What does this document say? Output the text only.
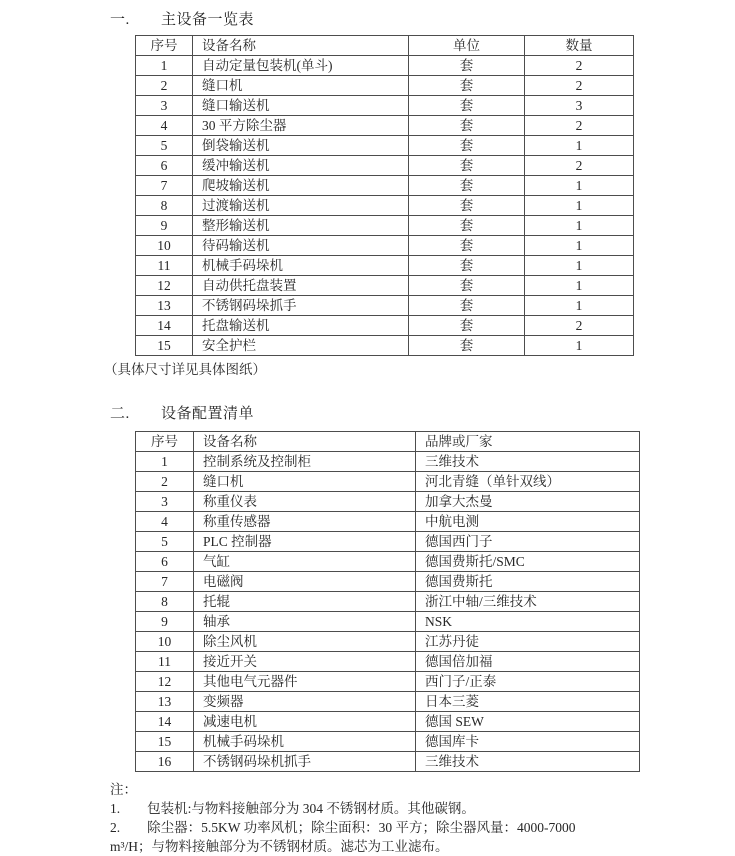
一. 主设备一览表
序号	设备名称	单位	数量
1	自动定量包装机(单斗)	套	2
2	缝口机	套	2
3	缝口输送机	套	3
4	30 平方除尘器	套	2
5	倒袋输送机	套	1
6	缓冲输送机	套	2
7	爬坡输送机	套	1
8	过渡输送机	套	1
9	整形输送机	套	1
10	待码输送机	套	1
11	机械手码垛机	套	1
12	自动供托盘装置	套	1
13	不锈钢码垛抓手	套	1
14	托盘输送机	套	2
15	安全护栏	套	1
（具体尺寸详见具体图纸）
二. 设备配置清单
序号	设备名称	品牌或厂家
1	控制系统及控制柜	三维技术
2	缝口机	河北青缝（单针双线）
3	称重仪表	加拿大杰曼
4	称重传感器	中航电测
5	PLC 控制器	德国西门子
6	气缸	德国费斯托/SMC
7	电磁阀	德国费斯托
8	托辊	浙江中轴/三维技术
9	轴承	NSK
10	除尘风机	江苏丹徒
11	接近开关	德国倍加福
12	其他电气元器件	西门子/正泰
13	变频器	日本三菱
14	减速电机	德国 SEW
15	机械手码垛机	德国库卡
16	不锈钢码垛机抓手	三维技术
注：
1.　　包装机:与物料接触部分为 304 不锈钢材质。其他碳钢。
2.　　除尘器：5.5KW 功率风机；除尘面积：30 平方；除尘器风量：4000-7000
m³/H；与物料接触部分为不锈钢材质。滤芯为工业滤布。
